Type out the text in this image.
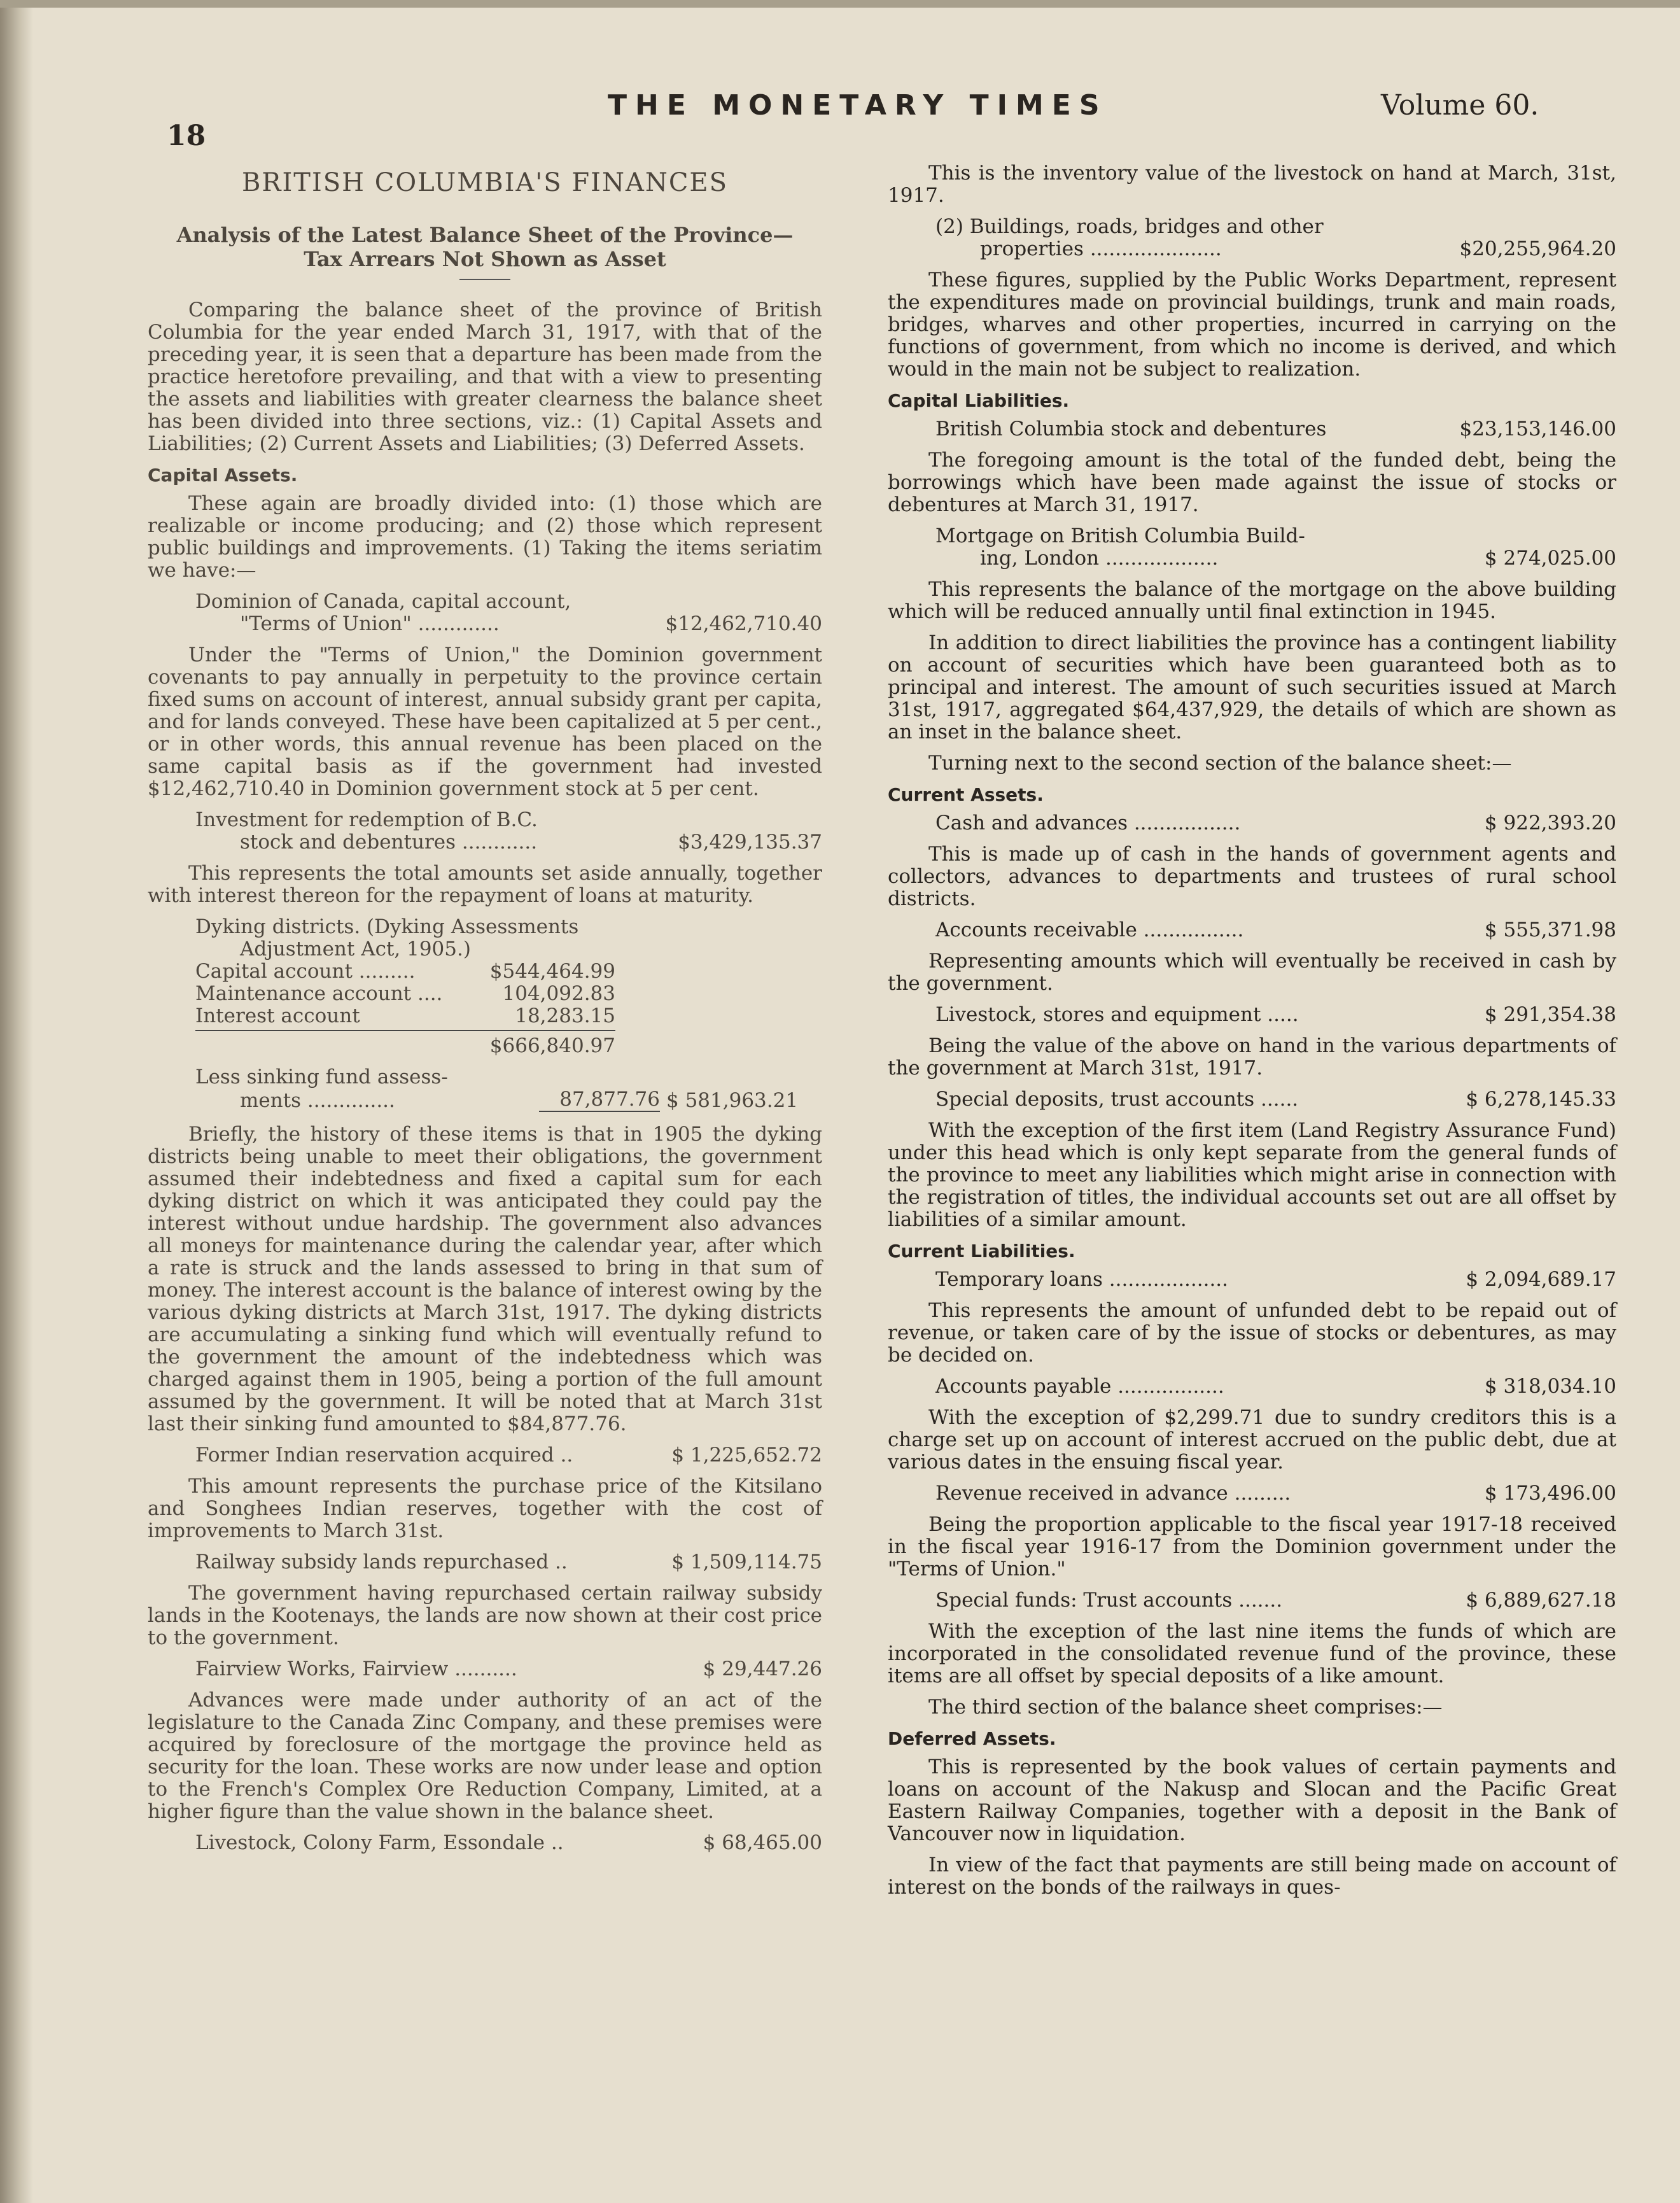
18
THE MONETARY TIMES	Volume 60.
BRITISH COLUMBIA'S FINANCES
Analysis of the Latest Balance Sheet of the Province—
Tax Arrears Not Shown as Asset

Comparing the balance sheet of the province of British Columbia for the year ended March 31, 1917, with that of the preceding year, it is seen that a departure has been made from the practice heretofore prevailing, and that with a view to presenting the assets and liabilities with greater clearness the balance sheet has been divided into three sections, viz.: (1) Capital Assets and Liabilities; (2) Current Assets and Liabilities; (3) Deferred Assets.

Capital Assets.

These again are broadly divided into: (1) those which are realizable or income producing; and (2) those which represent public buildings and improvements. (1) Taking the items seriatim we have:—

Dominion of Canada, capital account,
"Terms of Union" .............	$12,462,710.40

Under the "Terms of Union," the Dominion government covenants to pay annually in perpetuity to the province certain fixed sums on account of interest, annual subsidy grant per capita, and for lands conveyed. These have been capitalized at 5 per cent., or in other words, this annual revenue has been placed on the same capital basis as if the government had invested $12,462,710.40 in Dominion government stock at 5 per cent.

Investment for redemption of B.C.
stock and debentures ............	$3,429,135.37

This represents the total amounts set aside annually, together with interest thereon for the repayment of loans at maturity.

Dyking districts. (Dyking Assessments
Adjustment Act, 1905.)
Capital account .........	$544,464.99
Maintenance account ....	104,092.83
Interest account	18,283.15
$666,840.97
Less sinking fund assess-
ments ..............	87,877.76 $ 581,963.21

Briefly, the history of these items is that in 1905 the dyking districts being unable to meet their obligations, the government assumed their indebtedness and fixed a capital sum for each dyking district on which it was anticipated they could pay the interest without undue hardship. The government also advances all moneys for maintenance during the calendar year, after which a rate is struck and the lands assessed to bring in that sum of money. The interest account is the balance of interest owing by the various dyking districts at March 31st, 1917. The dyking districts are accumulating a sinking fund which will eventually refund to the government the amount of the indebtedness which was charged against them in 1905, being a portion of the full amount assumed by the government. It will be noted that at March 31st last their sinking fund amounted to $84,877.76.

Former Indian reservation acquired ..	$ 1,225,652.72

This amount represents the purchase price of the Kitsilano and Songhees Indian reserves, together with the cost of improvements to March 31st.

Railway subsidy lands repurchased ..	$ 1,509,114.75

The government having repurchased certain railway subsidy lands in the Kootenays, the lands are now shown at their cost price to the government.

Fairview Works, Fairview ..........	$ 29,447.26

Advances were made under authority of an act of the legislature to the Canada Zinc Company, and these premises were acquired by foreclosure of the mortgage the province held as security for the loan. These works are now under lease and option to the French's Complex Ore Reduction Company, Limited, at a higher figure than the value shown in the balance sheet.

Livestock, Colony Farm, Essondale ..	$ 68,465.00

This is the inventory value of the livestock on hand at March, 31st, 1917.

(2) Buildings, roads, bridges and other
properties .....................	$20,255,964.20

These figures, supplied by the Public Works Department, represent the expenditures made on provincial buildings, trunk and main roads, bridges, wharves and other properties, incurred in carrying on the functions of government, from which no income is derived, and which would in the main not be subject to realization.

Capital Liabilities.
British Columbia stock and debentures	$23,153,146.00

The foregoing amount is the total of the funded debt, being the borrowings which have been made against the issue of stocks or debentures at March 31, 1917.

Mortgage on British Columbia Build-
ing, London ..................	$ 274,025.00

This represents the balance of the mortgage on the above building which will be reduced annually until final extinction in 1945.

In addition to direct liabilities the province has a contingent liability on account of securities which have been guaranteed both as to principal and interest. The amount of such securities issued at March 31st, 1917, aggregated $64,437,929, the details of which are shown as an inset in the balance sheet.

Turning next to the second section of the balance sheet:—

Current Assets.
Cash and advances .................	$ 922,393.20

This is made up of cash in the hands of government agents and collectors, advances to departments and trustees of rural school districts.

Accounts receivable ................	$ 555,371.98

Representing amounts which will eventually be received in cash by the government.

Livestock, stores and equipment .....	$ 291,354.38

Being the value of the above on hand in the various departments of the government at March 31st, 1917.

Special deposits, trust accounts ......	$ 6,278,145.33

With the exception of the first item (Land Registry Assurance Fund) under this head which is only kept separate from the general funds of the province to meet any liabilities which might arise in connection with the registration of titles, the individual accounts set out are all offset by liabilities of a similar amount.

Current Liabilities.
Temporary loans ...................	$ 2,094,689.17

This represents the amount of unfunded debt to be repaid out of revenue, or taken care of by the issue of stocks or debentures, as may be decided on.

Accounts payable .................	$ 318,034.10

With the exception of $2,299.71 due to sundry creditors this is a charge set up on account of interest accrued on the public debt, due at various dates in the ensuing fiscal year.

Revenue received in advance .........	$ 173,496.00

Being the proportion applicable to the fiscal year 1917-18 received in the fiscal year 1916-17 from the Dominion government under the "Terms of Union."

Special funds: Trust accounts .......	$ 6,889,627.18

With the exception of the last nine items the funds of which are incorporated in the consolidated revenue fund of the province, these items are all offset by special deposits of a like amount.

The third section of the balance sheet comprises:—

Deferred Assets.

This is represented by the book values of certain payments and loans on account of the Nakusp and Slocan and the Pacific Great Eastern Railway Companies, together with a deposit in the Bank of Vancouver now in liquidation.

In view of the fact that payments are still being made on account of interest on the bonds of the railways in ques-
